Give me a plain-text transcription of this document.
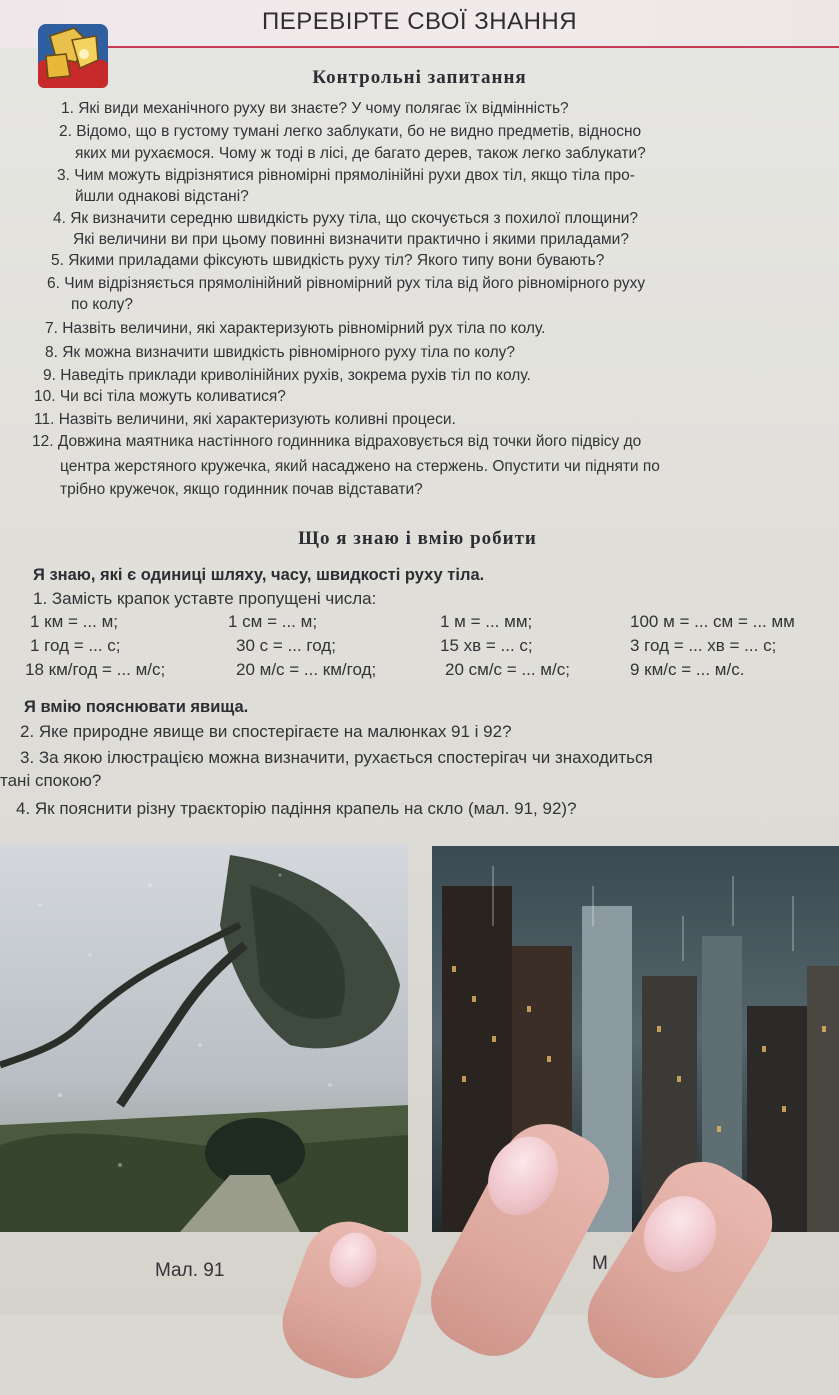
ПЕРЕВІРТЕ СВОЇ ЗНАННЯ
Контрольні запитання
1. Які види механічного руху ви знаєте? У чому полягає їх відмінність?
2. Відомо, що в густому тумані легко заблукати, бо не видно предметів, відносно
яких ми рухаємося. Чому ж тоді в лісі, де багато дерев, також легко заблукати?
3. Чим можуть відрізнятися рівномірні прямолінійні рухи двох тіл, якщо тіла про-
йшли однакові відстані?
4. Як визначити середню швидкість руху тіла, що скочується з похилої площини?
Які величини ви при цьому повинні визначити практично і якими приладами?
5. Якими приладами фіксують швидкість руху тіл? Якого типу вони бувають?
6. Чим відрізняється прямолінійний рівномірний рух тіла від його рівномірного руху
по колу?
7. Назвіть величини, які характеризують рівномірний рух тіла по колу.
8. Як можна визначити швидкість рівномірного руху тіла по колу?
9. Наведіть приклади криволінійних рухів, зокрема рухів тіл по колу.
10. Чи всі тіла можуть коливатися?
11. Назвіть величини, які характеризують коливні процеси.
12. Довжина маятника настінного годинника відраховується від точки його підвісу до
центра жерстяного кружечка, який насаджено на стержень. Опустити чи підняти по
трібно кружечок, якщо годинник почав відставати?
Що я знаю і вмію робити
Я знаю, які є одиниці шляху, часу, швидкості руху тіла.
1. Замість крапок уставте пропущені числа:
1 км = ... м;	1 см = ... м;	1 м = ... мм;	100 м = ... см = ... мм
1 год = ... с;	30 с = ... год;	15 хв = ... с;	3 год = ... хв = ... с;
18 км/год = ... м/с;	20 м/с = ... км/год;	20 см/с = ... м/с;	9 км/с = ... м/с.
Я вмію пояснювати явища.
2. Яке природне явище ви спостерігаєте на малюнках 91 і 92?
3. За якою ілюстрацією можна визначити, рухається спостерігач чи знаходиться
тані спокою?
4. Як пояснити різну траєкторію падіння крапель на скло (мал. 91, 92)?
Мал. 91	М
